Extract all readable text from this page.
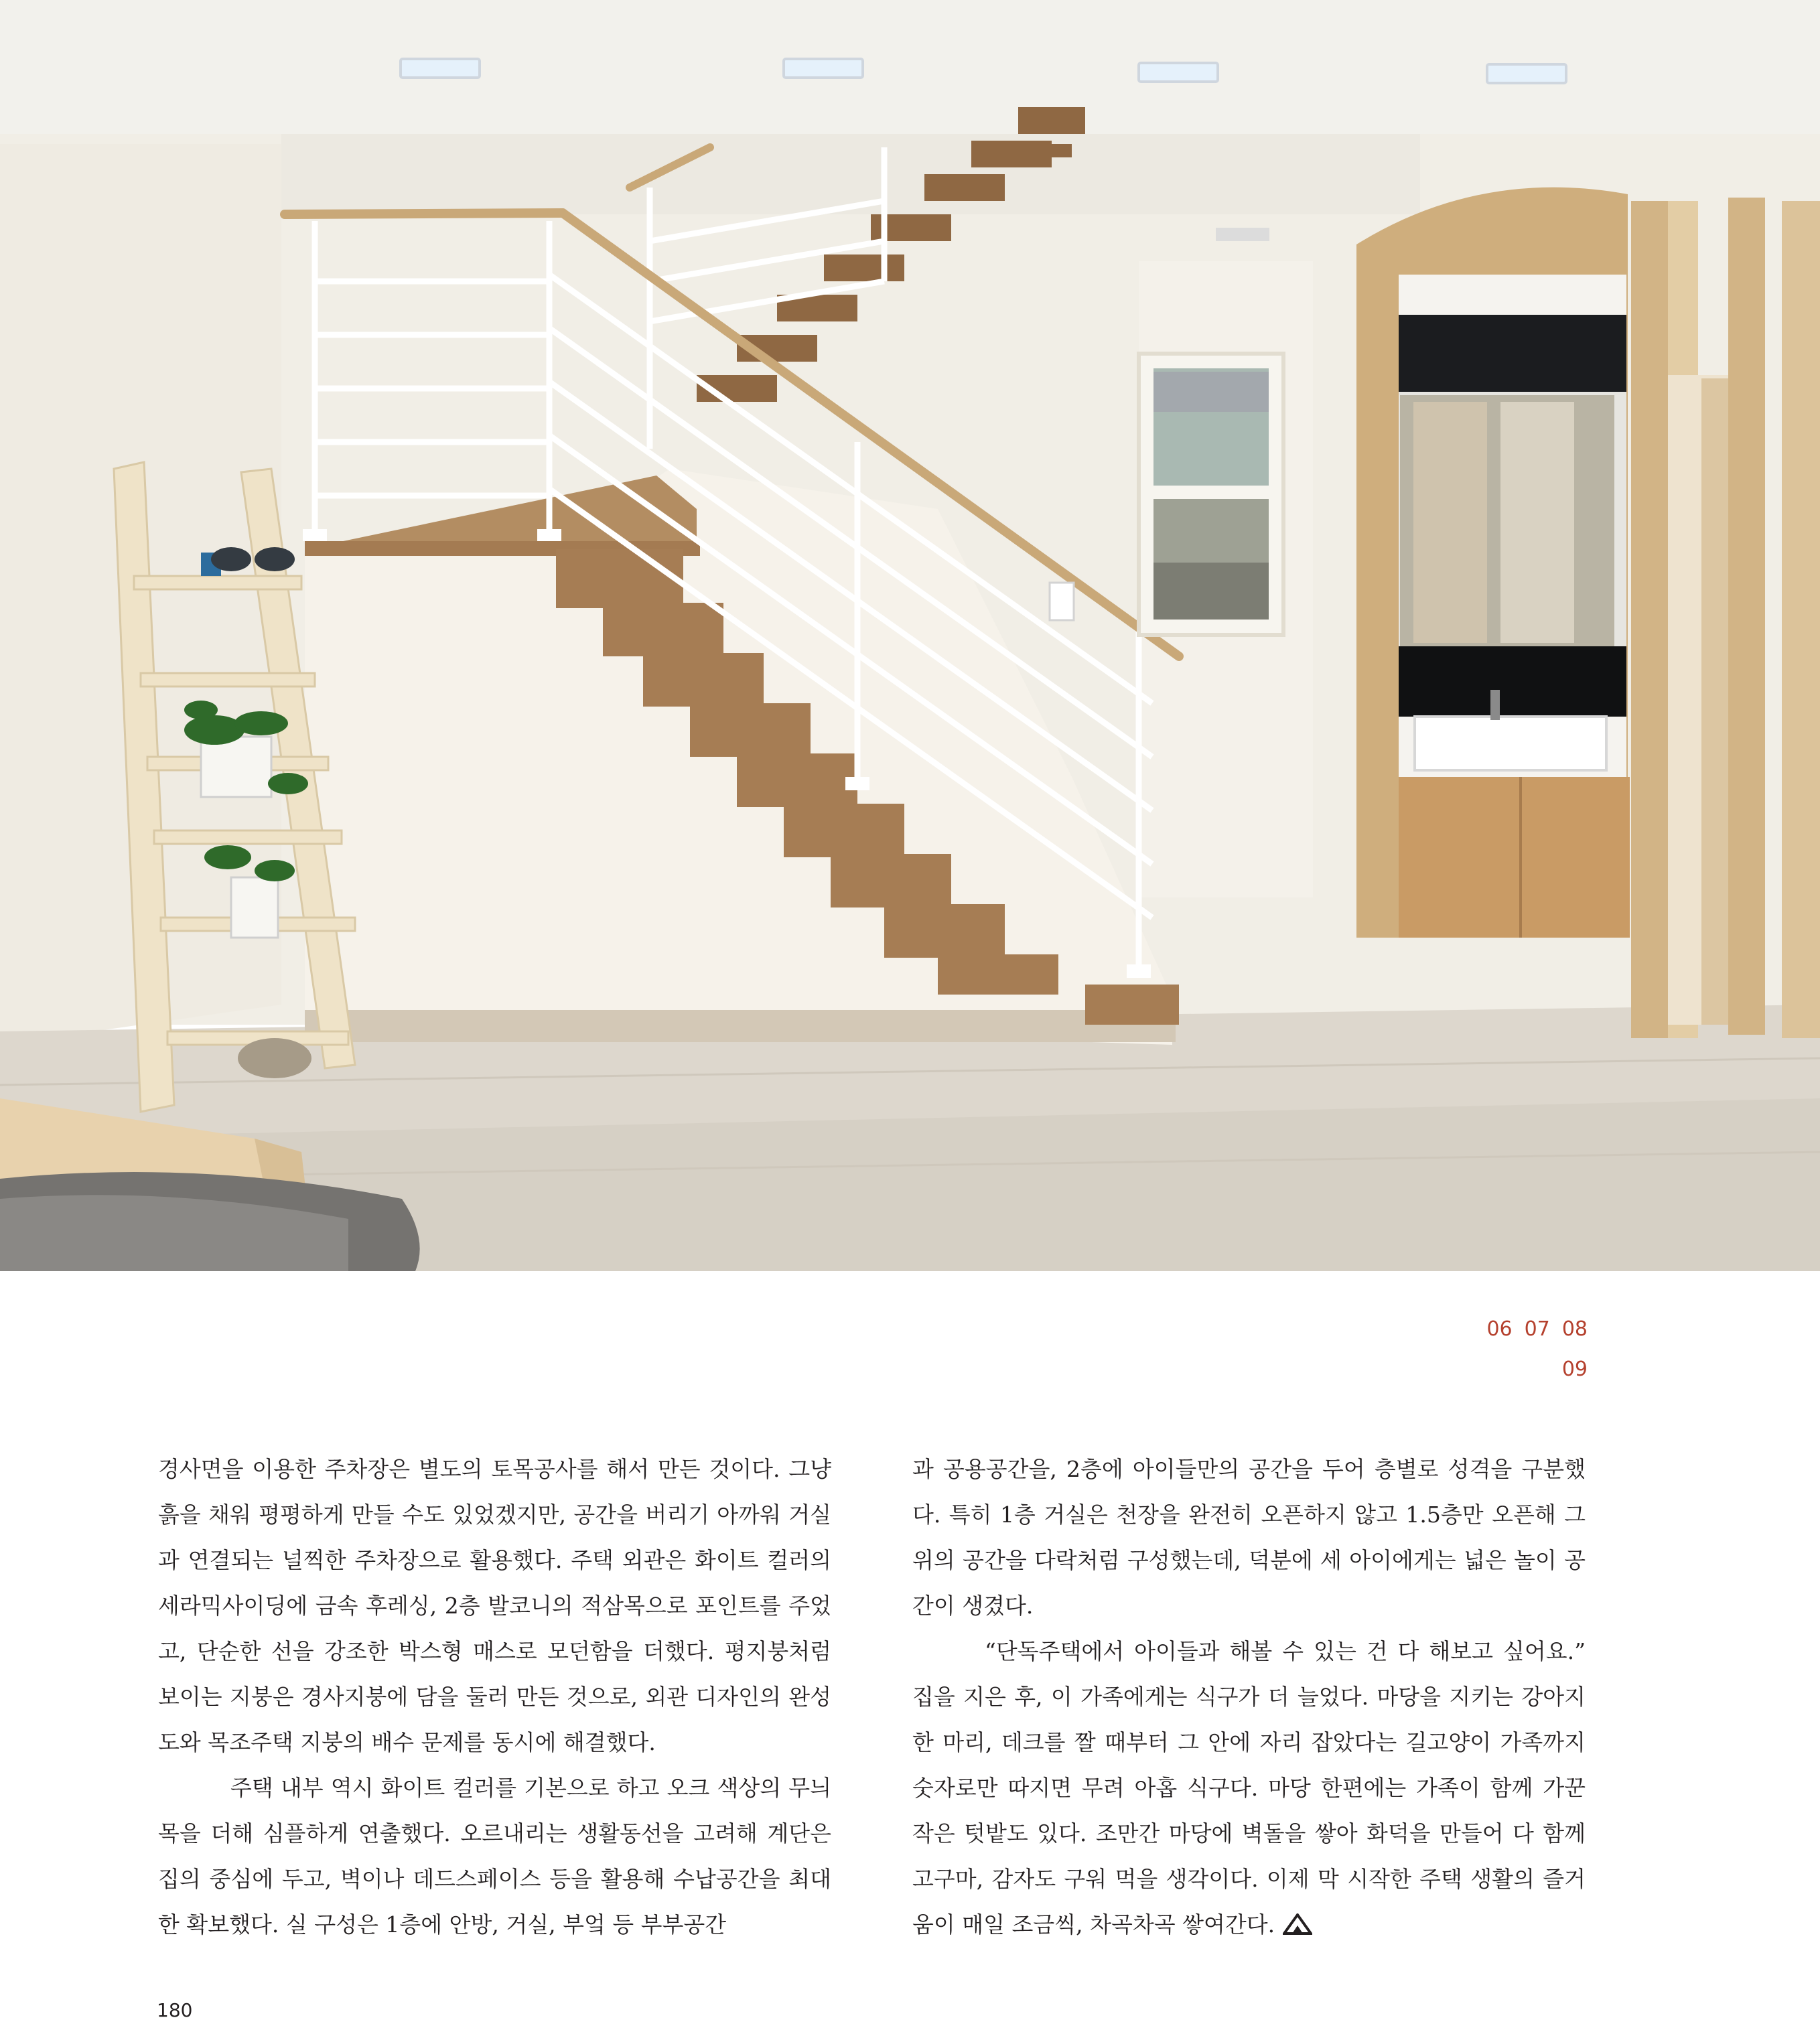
06 07 08
09

경사면을 이용한 주차장은 별도의 토목공사를 해서 만든 것이다. 그냥 흙을 채워 평평하게 만들 수도 있었겠지만, 공간을 버리기 아까워 거실과 연결되는 널찍한 주차장으로 활용했다. 주택 외관은 화이트 컬러의 세라믹사이딩에 금속 후레싱, 2층 발코니의 적삼목으로 포인트를 주었고, 단순한 선을 강조한 박스형 매스로 모던함을 더했다. 평지붕처럼 보이는 지붕은 경사지붕에 담을 둘러 만든 것으로, 외관 디자인의 완성도와 목조주택 지붕의 배수 문제를 동시에 해결했다.

주택 내부 역시 화이트 컬러를 기본으로 하고 오크 색상의 무늬목을 더해 심플하게 연출했다. 오르내리는 생활동선을 고려해 계단은 집의 중심에 두고, 벽이나 데드스페이스 등을 활용해 수납공간을 최대한 확보했다. 실 구성은 1층에 안방, 거실, 부엌 등 부부공간

과 공용공간을, 2층에 아이들만의 공간을 두어 층별로 성격을 구분했다. 특히 1층 거실은 천장을 완전히 오픈하지 않고 1.5층만 오픈해 그 위의 공간을 다락처럼 구성했는데, 덕분에 세 아이에게는 넓은 놀이 공간이 생겼다.

“단독주택에서 아이들과 해볼 수 있는 건 다 해보고 싶어요.” 집을 지은 후, 이 가족에게는 식구가 더 늘었다. 마당을 지키는 강아지 한 마리, 데크를 짤 때부터 그 안에 자리 잡았다는 길고양이 가족까지 숫자로만 따지면 무려 아홉 식구다. 마당 한편에는 가족이 함께 가꾼 작은 텃밭도 있다. 조만간 마당에 벽돌을 쌓아 화덕을 만들어 다 함께 고구마, 감자도 구워 먹을 생각이다. 이제 막 시작한 주택 생활의 즐거움이 매일 조금씩, 차곡차곡 쌓여간다.

180
